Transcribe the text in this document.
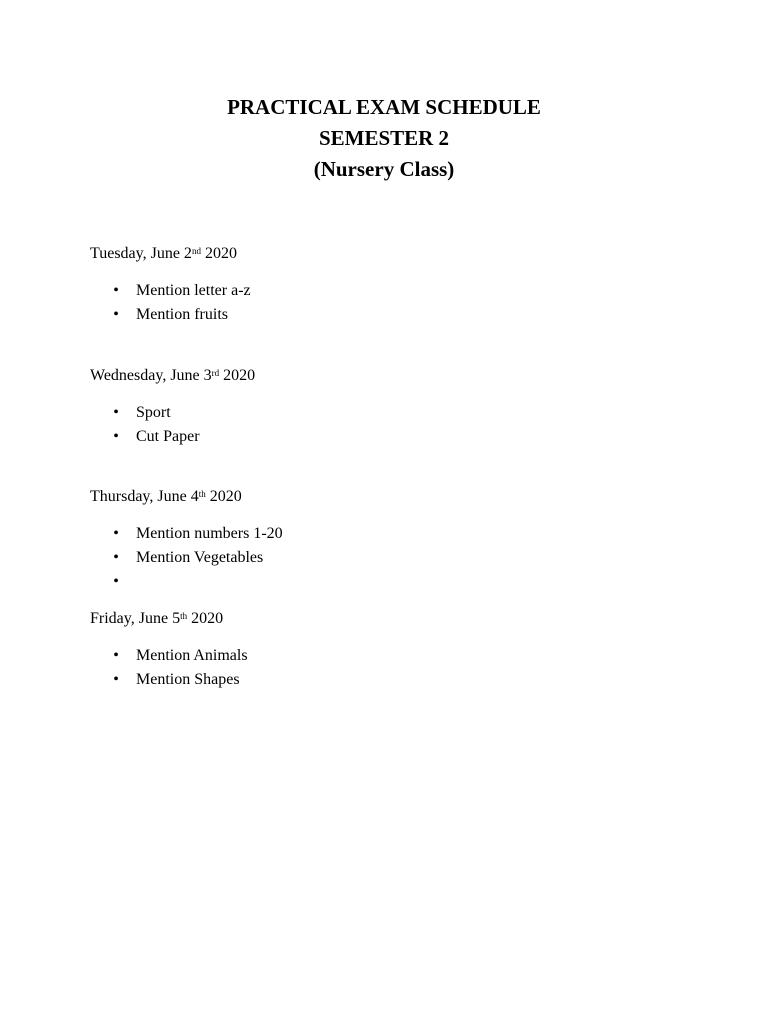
PRACTICAL EXAM SCHEDULE
SEMESTER 2
(Nursery Class)
Tuesday, June 2nd 2020
• Mention letter a-z
• Mention fruits
Wednesday, June 3rd 2020
• Sport
• Cut Paper
Thursday, June 4th 2020
• Mention numbers 1-20
• Mention Vegetables
•
Friday, June 5th 2020
• Mention Animals
• Mention Shapes
